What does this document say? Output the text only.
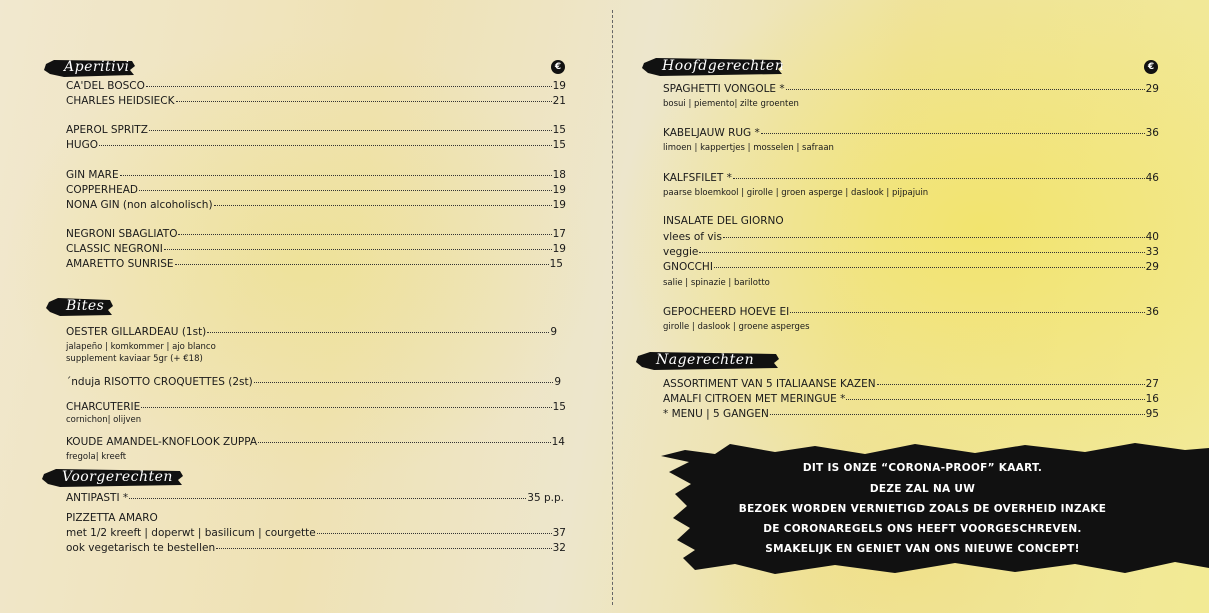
Aperitivi	€
CA'DEL BOSCO	19
CHARLES HEIDSIECK	21
APEROL SPRITZ	15
HUGO	15
GIN MARE	18
COPPERHEAD	19
NONA GIN (non alcoholisch)	19
NEGRONI SBAGLIATO	17
CLASSIC NEGRONI	19
AMARETTO SUNRISE	15
Bites
OESTER GILLARDEAU (1st)	9
jalapeño | komkommer | ajo blanco
supplement kaviaar 5gr (+ €18)
´nduja RISOTTO CROQUETTES (2st)	9
CHARCUTERIE	15
cornichon| olijven
KOUDE AMANDEL-KNOFLOOK ZUPPA	14
fregola| kreeft
Voorgerechten
ANTIPASTI *	35 p.p.
PIZZETTA AMARO
met 1/2 kreeft | doperwt | basilicum | courgette	37
ook vegetarisch te bestellen	32
Hoofdgerechten	€
SPAGHETTI VONGOLE *	29
bosui | piemento| zilte groenten
KABELJAUW RUG *	36
limoen | kappertjes | mosselen | safraan
KALFSFILET *	46
paarse bloemkool | girolle | groen asperge | daslook | pijpajuin
INSALATE DEL GIORNO
vlees of vis	40
veggie	33
GNOCCHI	29
salie | spinazie | barilotto
GEPOCHEERD HOEVE EI	36
girolle | daslook | groene asperges
Nagerechten
ASSORTIMENT VAN 5 ITALIAANSE KAZEN	27
AMALFI CITROEN MET MERINGUE *	16
* MENU | 5 GANGEN	95
DIT IS ONZE “CORONA-PROOF” KAART.
DEZE ZAL NA UW
BEZOEK WORDEN VERNIETIGD ZOALS DE OVERHEID INZAKE
DE CORONAREGELS ONS HEEFT VOORGESCHREVEN.
SMAKELIJK EN GENIET VAN ONS NIEUWE CONCEPT!
